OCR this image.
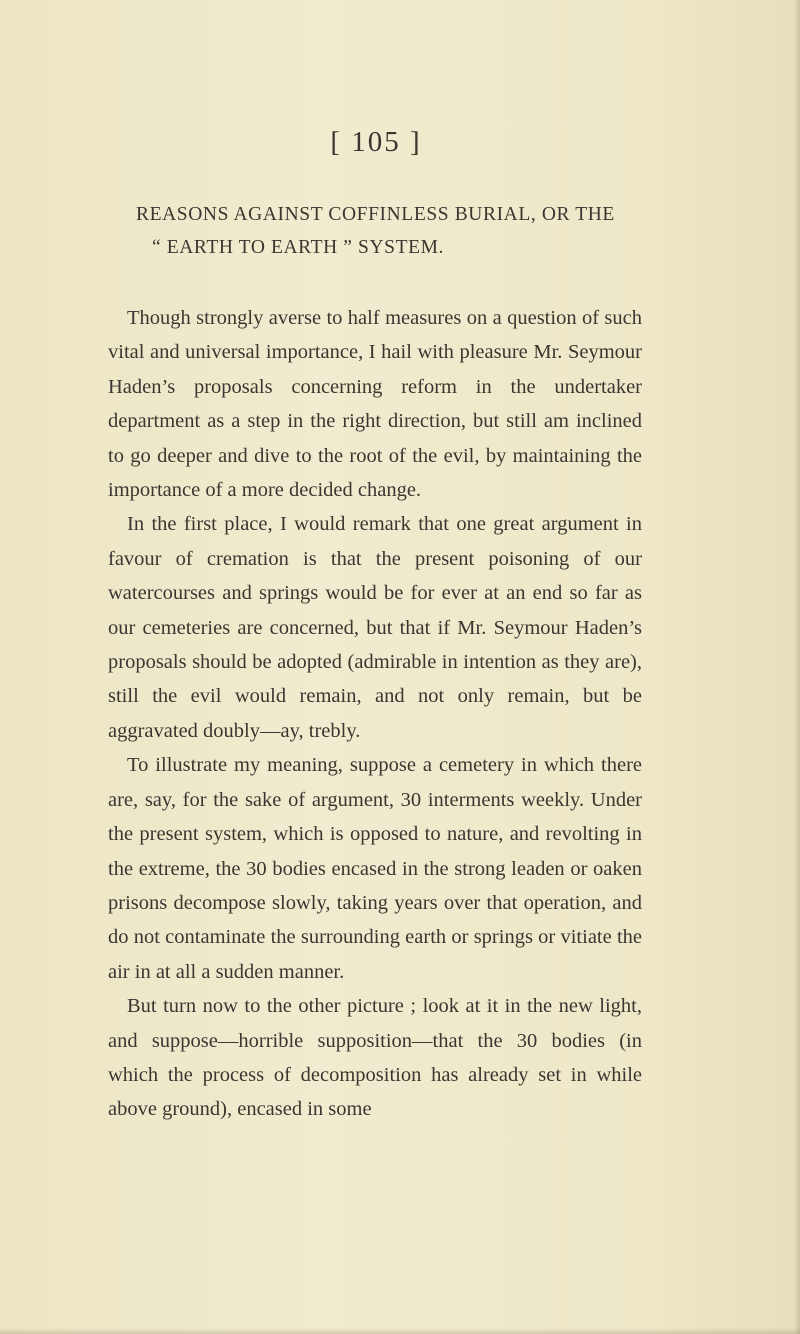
[ 105 ]
REASONS AGAINST COFFINLESS BURIAL, OR THE
“ EARTH TO EARTH ” SYSTEM.

Though strongly averse to half measures on a question of such vital and universal importance, I hail with pleasure Mr. Seymour Haden’s proposals concerning reform in the undertaker department as a step in the right direction, but still am inclined to go deeper and dive to the root of the evil, by maintaining the importance of a more decided change.

In the first place, I would remark that one great argument in favour of cremation is that the present poisoning of our watercourses and springs would be for ever at an end so far as our cemeteries are concerned, but that if Mr. Seymour Haden’s proposals should be adopted (admirable in intention as they are), still the evil would remain, and not only remain, but be aggravated doubly—ay, trebly.

To illustrate my meaning, suppose a cemetery in which there are, say, for the sake of argument, 30 interments weekly. Under the present system, which is opposed to nature, and revolting in the extreme, the 30 bodies encased in the strong leaden or oaken prisons decompose slowly, taking years over that operation, and do not contaminate the surrounding earth or springs or vitiate the air in at all a sudden manner.

But turn now to the other picture ; look at it in the new light, and suppose—horrible supposition—that the 30 bodies (in which the process of decomposition has already set in while above ground), encased in some
